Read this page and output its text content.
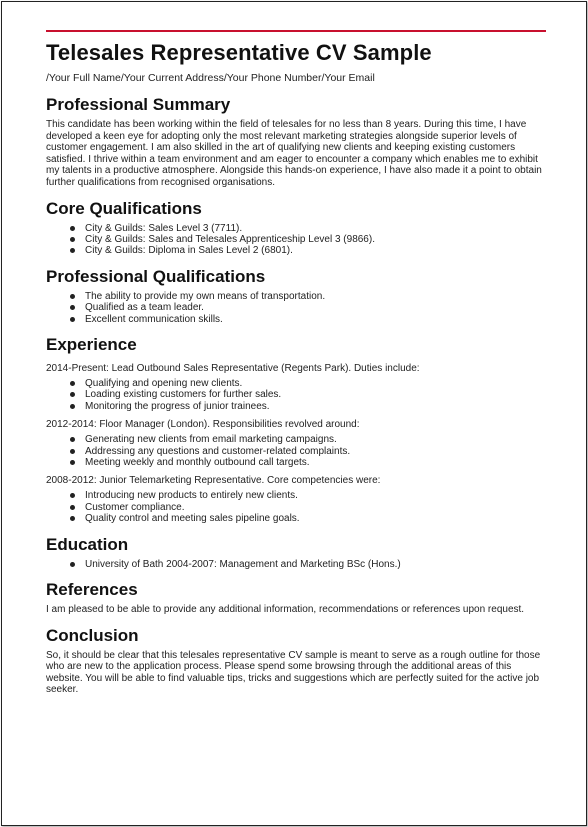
Telesales Representative CV Sample
/Your Full Name/Your Current Address/Your Phone Number/Your Email
Professional Summary

This candidate has been working within the field of telesales for no less than 8 years. During this time, I have developed a keen eye for adopting only the most relevant marketing strategies alongside superior levels of customer engagement. I am also skilled in the art of qualifying new clients and keeping existing customers satisfied. I thrive within a team environment and am eager to encounter a company which enables me to exhibit my talents in a productive atmosphere. Alongside this hands-on experience, I have also made it a point to obtain further qualifications from recognised organisations.

Core Qualifications
City & Guilds: Sales Level 3 (7711).
City & Guilds: Sales and Telesales Apprenticeship Level 3 (9866).
City & Guilds: Diploma in Sales Level 2 (6801).
Professional Qualifications
The ability to provide my own means of transportation.
Qualified as a team leader.
Excellent communication skills.
Experience
2014-Present: Lead Outbound Sales Representative (Regents Park). Duties include:
Qualifying and opening new clients.
Loading existing customers for further sales.
Monitoring the progress of junior trainees.
2012-2014: Floor Manager (London). Responsibilities revolved around:
Generating new clients from email marketing campaigns.
Addressing any questions and customer-related complaints.
Meeting weekly and monthly outbound call targets.
2008-2012: Junior Telemarketing Representative. Core competencies were:
Introducing new products to entirely new clients.
Customer compliance.
Quality control and meeting sales pipeline goals.
Education
University of Bath 2004-2007: Management and Marketing BSc (Hons.)
References

I am pleased to be able to provide any additional information, recommendations or references upon request.

Conclusion

So, it should be clear that this telesales representative CV sample is meant to serve as a rough outline for those who are new to the application process. Please spend some browsing through the additional areas of this website. You will be able to find valuable tips, tricks and suggestions which are perfectly suited for the active job seeker.
